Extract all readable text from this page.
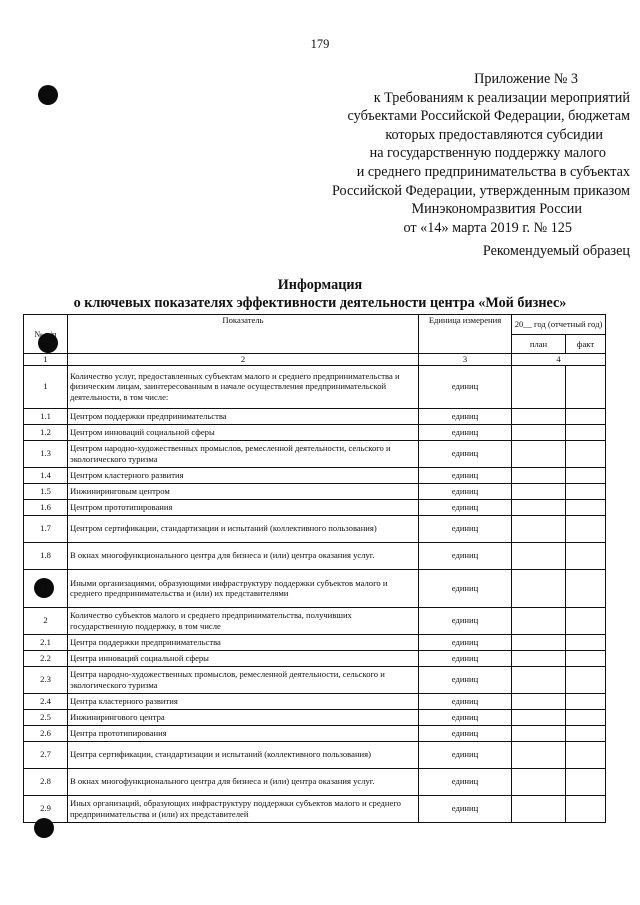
179
Приложение № 3
к Требованиям к реализации мероприятий
субъектами Российской Федерации, бюджетам
которых предоставляются субсидии
на государственную поддержку малого
и среднего предпринимательства в субъектах
Российской Федерации, утвержденным приказом
Минэкономразвития России
от «14» марта 2019 г. № 125
Рекомендуемый образец
Информация
о ключевых показателях эффективности деятельности центра «Мой бизнес»
№ п/п	Показатель	Единица измерения	20__ год (отчетный год)	
			план	факт
1	2	3	4	
1	Количество услуг, предоставленных субъектам малого и среднего предпринимательства и физическим лицам, заинтересованным в начале осуществления предпринимательской деятельности, в том числе:	единиц		
1.1	Центром поддержки предпринимательства	единиц		
1.2	Центром инноваций социальной сферы	единиц		
1.3	Центром народно-художественных промыслов, ремесленной деятельности, сельского и экологического туризма	единиц		
1.4	Центром кластерного развития	единиц		
1.5	Инжиниринговым центром	единиц		
1.6	Центром прототипирования	единиц		
1.7	Центром сертификации, стандартизации и испытаний (коллективного пользования)	единиц		
1.8	В окнах многофункционального центра для бизнеса и (или) центра оказания услуг.	единиц		
1.9	Иными организациями, образующими инфраструктуру поддержки субъектов малого и среднего предпринимательства и (или) их представителями	единиц		
2	Количество субъектов малого и среднего предпринимательства, получивших государственную поддержку, в том числе	единиц		
2.1	Центра поддержки предпринимательства	единиц		
2.2	Центра инноваций социальной сферы	единиц		
2.3	Центра народно-художественных промыслов, ремесленной деятельности, сельского и экологического туризма	единиц		
2.4	Центра кластерного развития	единиц		
2.5	Инжинирингового центра	единиц		
2.6	Центра прототипирования	единиц		
2.7	Центра сертификации, стандартизации и испытаний (коллективного пользования)	единиц		
2.8	В окнах многофункционального центра для бизнеса и (или) центра оказания услуг.	единиц		
2.9	Иных организаций, образующих инфраструктуру поддержки субъектов малого и среднего предпринимательства и (или) их представителей	единиц		
